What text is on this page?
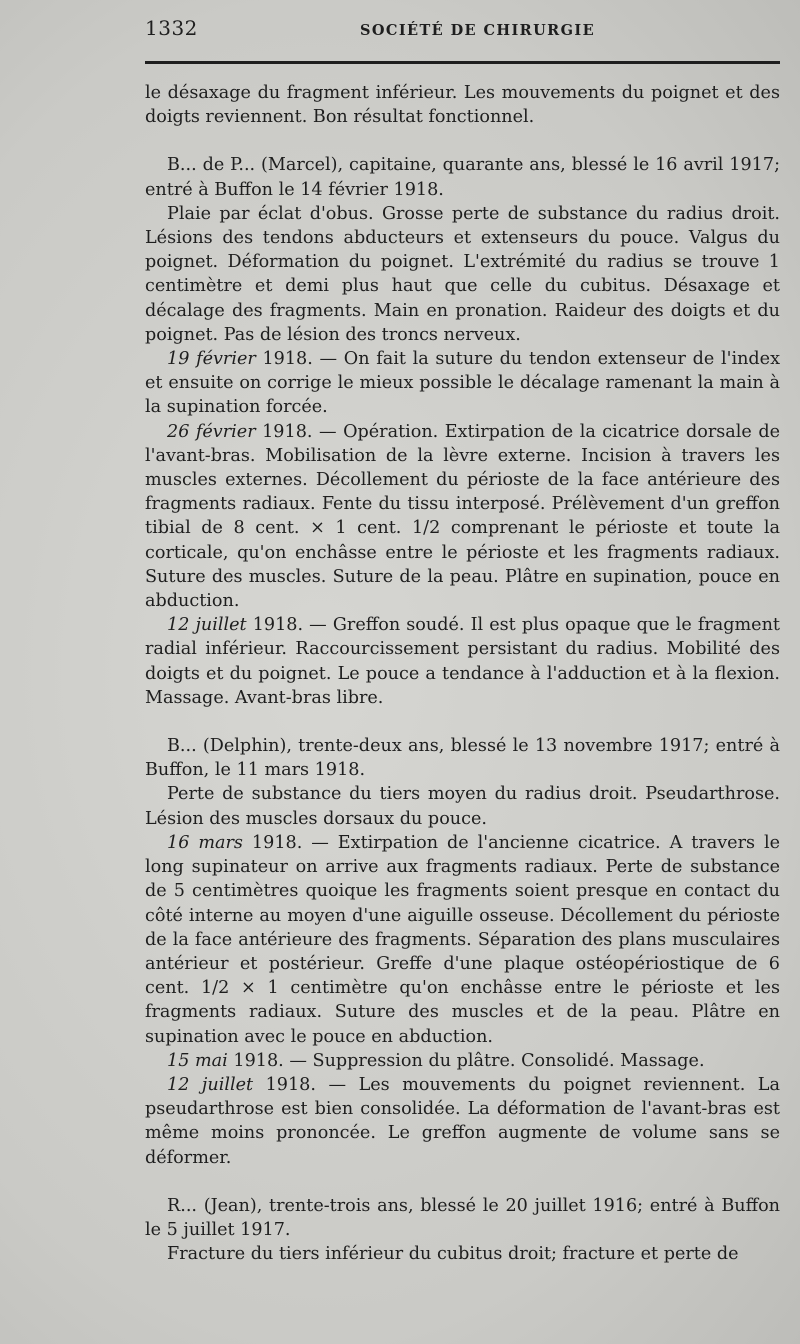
1332	SOCIÉTÉ DE CHIRURGIE

le désaxage du fragment inférieur. Les mouvements du poignet et des doigts reviennent. Bon résultat fonctionnel.

B... de P... (Marcel), capitaine, quarante ans, blessé le 16 avril 1917; entré à Buffon le 14 février 1918.

Plaie par éclat d'obus. Grosse perte de substance du radius droit. Lésions des tendons abducteurs et extenseurs du pouce. Valgus du poignet. Déformation du poignet. L'extrémité du radius se trouve 1 centimètre et demi plus haut que celle du cubitus. Désaxage et décalage des fragments. Main en pronation. Raideur des doigts et du poignet. Pas de lésion des troncs nerveux.

19 février 1918. — On fait la suture du tendon extenseur de l'index et ensuite on corrige le mieux possible le décalage ramenant la main à la supination forcée.

26 février 1918. — Opération. Extirpation de la cicatrice dorsale de l'avant-bras. Mobilisation de la lèvre externe. Incision à travers les muscles externes. Décollement du périoste de la face antérieure des fragments radiaux. Fente du tissu interposé. Prélèvement d'un greffon tibial de 8 cent. × 1 cent. 1/2 comprenant le périoste et toute la corticale, qu'on enchâsse entre le périoste et les fragments radiaux. Suture des muscles. Suture de la peau. Plâtre en supination, pouce en abduction.

12 juillet 1918. — Greffon soudé. Il est plus opaque que le fragment radial inférieur. Raccourcissement persistant du radius. Mobilité des doigts et du poignet. Le pouce a tendance à l'adduction et à la flexion. Massage. Avant-bras libre.

B... (Delphin), trente-deux ans, blessé le 13 novembre 1917; entré à Buffon, le 11 mars 1918.

Perte de substance du tiers moyen du radius droit. Pseudarthrose. Lésion des muscles dorsaux du pouce.

16 mars 1918. — Extirpation de l'ancienne cicatrice. A travers le long supinateur on arrive aux fragments radiaux. Perte de substance de 5 centimètres quoique les fragments soient presque en contact du côté interne au moyen d'une aiguille osseuse. Décollement du périoste de la face antérieure des fragments. Séparation des plans musculaires antérieur et postérieur. Greffe d'une plaque ostéopériostique de 6 cent. 1/2 × 1 centimètre qu'on enchâsse entre le périoste et les fragments radiaux. Suture des muscles et de la peau. Plâtre en supination avec le pouce en abduction.

15 mai 1918. — Suppression du plâtre. Consolidé. Massage.

12 juillet 1918. — Les mouvements du poignet reviennent. La pseudarthrose est bien consolidée. La déformation de l'avant-bras est même moins prononcée. Le greffon augmente de volume sans se déformer.

R... (Jean), trente-trois ans, blessé le 20 juillet 1916; entré à Buffon le 5 juillet 1917.

Fracture du tiers inférieur du cubitus droit; fracture et perte de
